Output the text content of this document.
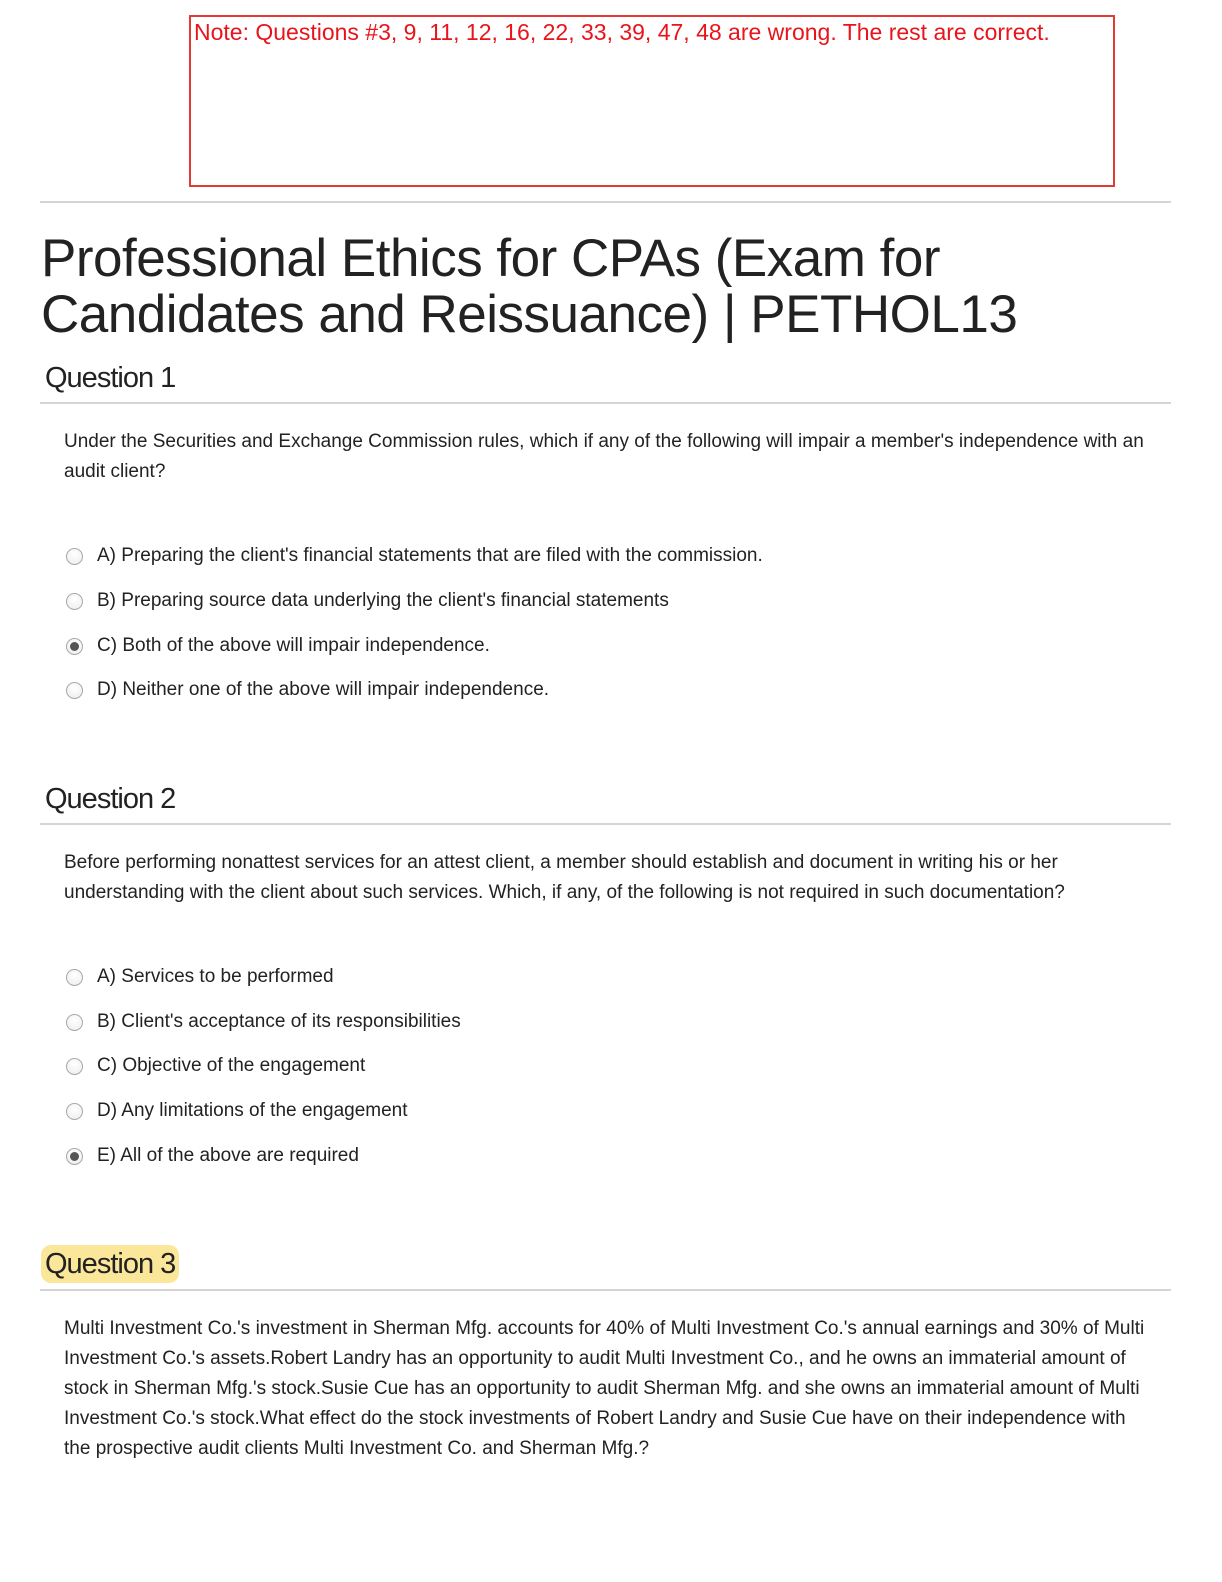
Note: Questions #3, 9, 11, 12, 16, 22, 33, 39, 47, 48 are wrong. The rest are correct.
Professional Ethics for CPAs (Exam for Candidates and Reissuance) | PETHOL13
Question 1

Under the Securities and Exchange Commission rules, which if any of the following will impair a member's independence with an audit client?

A) Preparing the client's financial statements that are filed with the commission.
B) Preparing source data underlying the client's financial statements
C) Both of the above will impair independence.
D) Neither one of the above will impair independence.
Question 2

Before performing nonattest services for an attest client, a member should establish and document in writing his or her understanding with the client about such services. Which, if any, of the following is not required in such documentation?

A) Services to be performed
B) Client's acceptance of its responsibilities
C) Objective of the engagement
D) Any limitations of the engagement
E) All of the above are required
Question 3

Multi Investment Co.'s investment in Sherman Mfg. accounts for 40% of Multi Investment Co.'s annual earnings and 30% of Multi Investment Co.'s assets.Robert Landry has an opportunity to audit Multi Investment Co., and he owns an immaterial amount of stock in Sherman Mfg.'s stock.Susie Cue has an opportunity to audit Sherman Mfg. and she owns an immaterial amount of Multi Investment Co.'s stock.What effect do the stock investments of Robert Landry and Susie Cue have on their independence with the prospective audit clients Multi Investment Co. and Sherman Mfg.?
